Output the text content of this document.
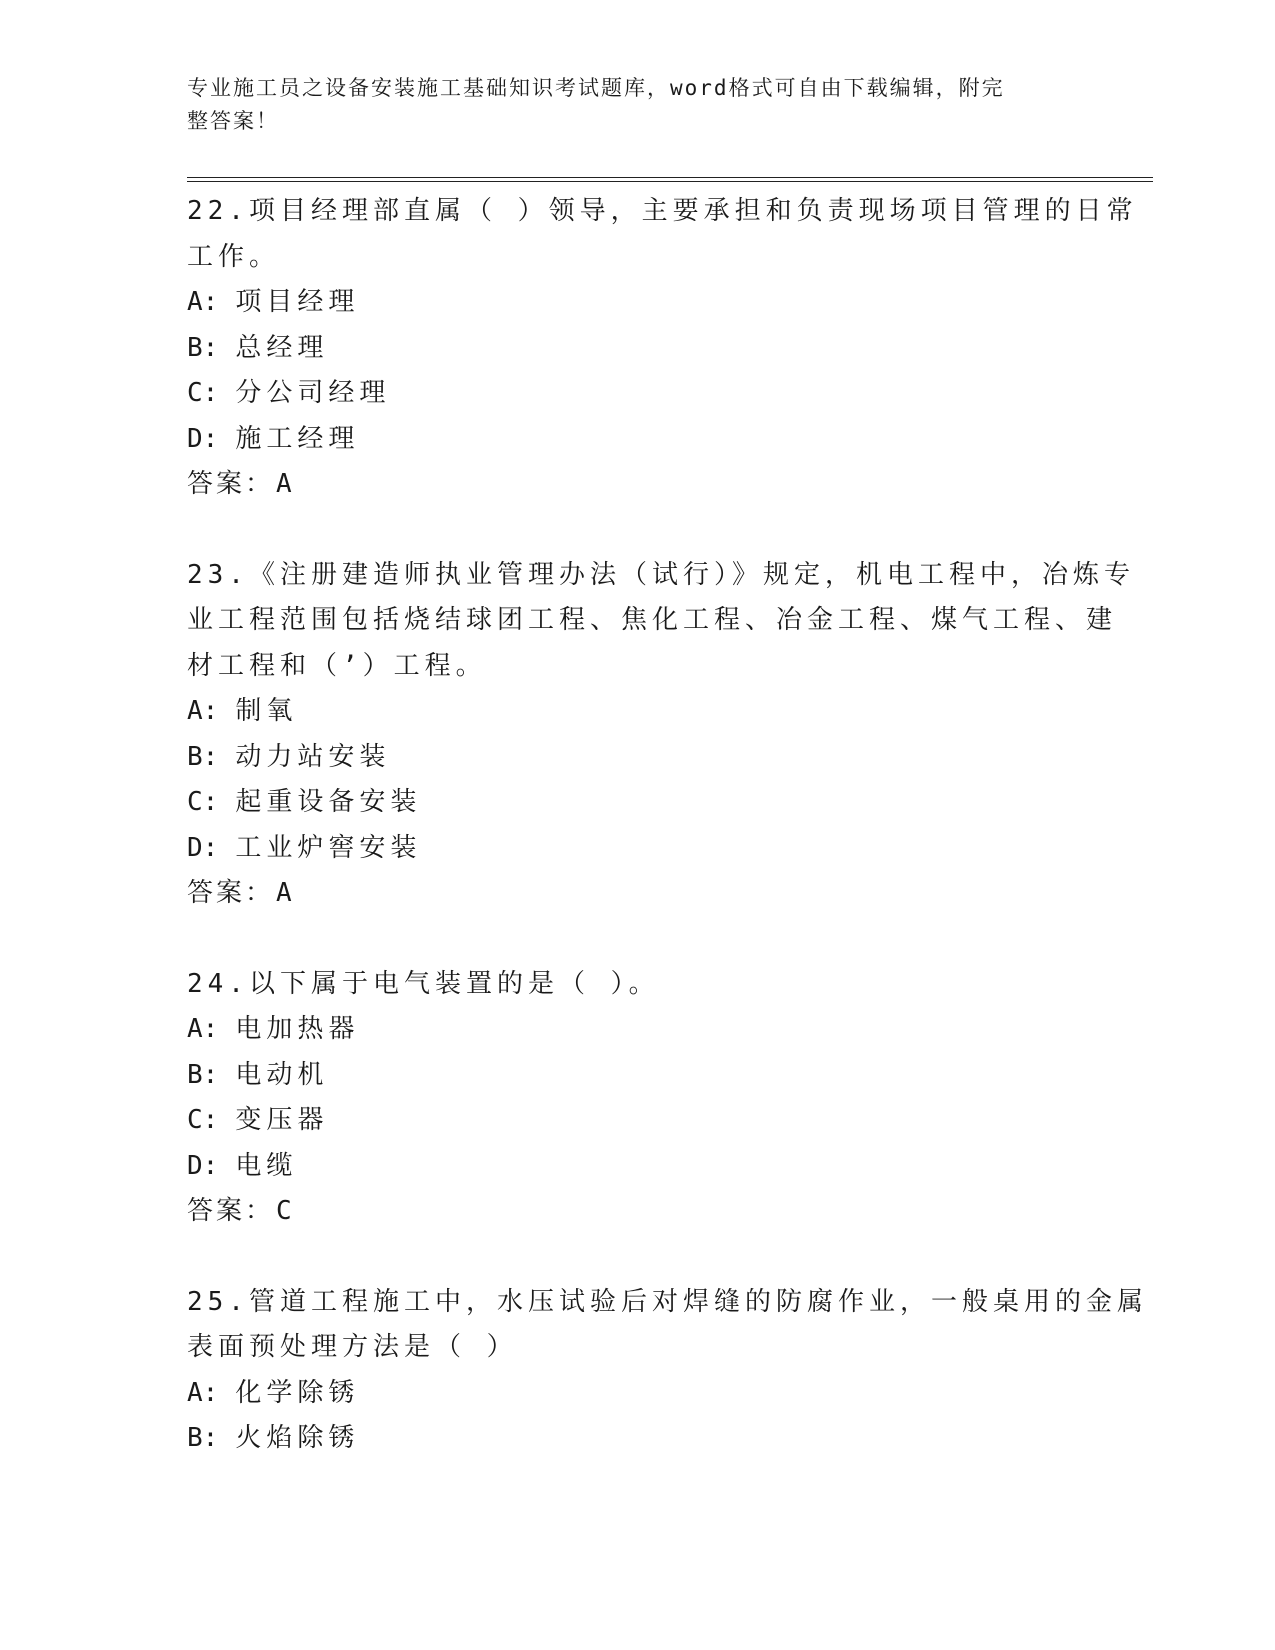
专业施工员之设备安装施工基础知识考试题库，word格式可自由下载编辑，附完
整答案！
22.项目经理部直属（ ）领导，主要承担和负责现场项目管理的日常
工作。
A: 项目经理
B: 总经理
C: 分公司经理
D: 施工经理
答案：A
23.《注册建造师执业管理办法（试行）》规定，机电工程中，冶炼专
业工程范围包括烧结球团工程、焦化工程、冶金工程、煤气工程、建
材工程和（’）工程。
A: 制氧
B: 动力站安装
C: 起重设备安装
D: 工业炉窖安装
答案：A
24.以下属于电气装置的是（ ）。
A: 电加热器
B: 电动机
C: 变压器
D: 电缆
答案：C
25.管道工程施工中，水压试验后对焊缝的防腐作业，一般桌用的金属
表面预处理方法是（ ）
A: 化学除锈
B: 火焰除锈
